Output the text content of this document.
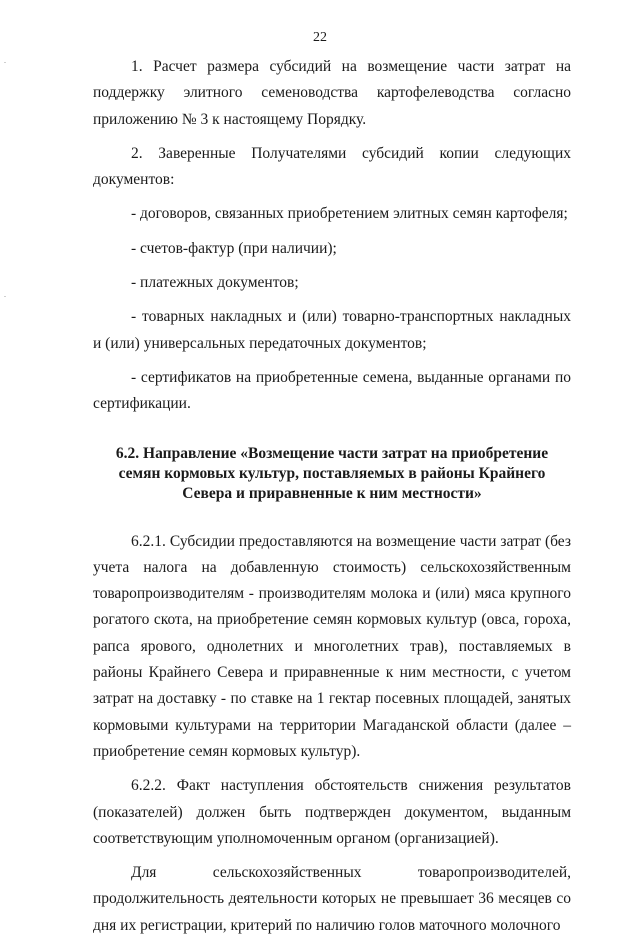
22

1. Расчет размера субсидий на возмещение части затрат на поддержку элитного семеноводства картофелеводства согласно приложению № 3 к настоящему Порядку.

2. Заверенные Получателями субсидий копии следующих документов:

- договоров, связанных приобретением элитных семян картофеля;

- счетов-фактур (при наличии);

- платежных документов;

- товарных накладных и (или) товарно-транспортных накладных и (или) универсальных передаточных документов;

- сертификатов на приобретенные семена, выданные органами по сертификации.

6.2. Направление «Возмещение части затрат на приобретение
семян кормовых культур, поставляемых в районы Крайнего
Севера и приравненные к ним местности»

6.2.1. Субсидии предоставляются на возмещение части затрат (без учета налога на добавленную стоимость) сельскохозяйственным товаропроизводителям - производителям молока и (или) мяса крупного рогатого скота, на приобретение семян кормовых культур (овса, гороха, рапса ярового, однолетних и многолетних трав), поставляемых в районы Крайнего Севера и приравненные к ним местности, с учетом затрат на доставку - по ставке на 1 гектар посевных площадей, занятых кормовыми культурами на территории Магаданской области (далее – приобретение семян кормовых культур).

6.2.2. Факт наступления обстоятельств снижения результатов (показателей) должен быть подтвержден документом, выданным соответствующим уполномоченным органом (организацией).

Для сельскохозяйственных товаропроизводителей, продолжительность деятельности которых не превышает 36 месяцев со дня их регистрации, критерий по наличию голов маточного молочного
